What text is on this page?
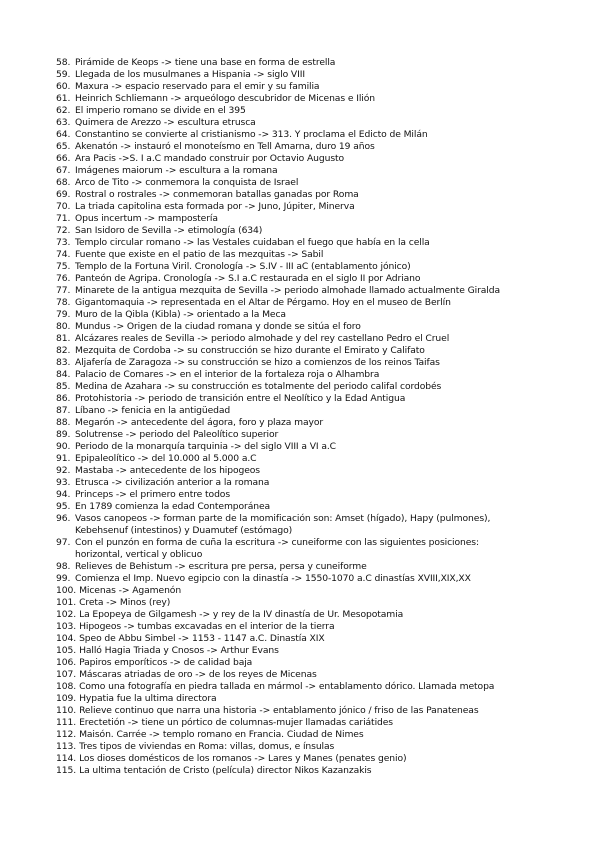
58. Pirámide de Keops -> tiene una base en forma de estrella
59. Llegada de los musulmanes a Hispania -> siglo VIII
60. Maxura -> espacio reservado para el emir y su familia
61. Heinrich Schliemann -> arqueólogo descubridor de Micenas e Ilión
62. El imperio romano se divide en el 395
63. Quimera de Arezzo -> escultura etrusca
64. Constantino se convierte al cristianismo -> 313. Y proclama el Edicto de Milán
65. Akenatón -> instauró el monoteísmo en Tell Amarna, duro 19 años
66. Ara Pacis ->S. I a.C mandado construir por Octavio Augusto
67. Imágenes maiorum -> escultura a la romana
68. Arco de Tito -> conmemora la conquista de Israel
69. Rostral o rostrales -> conmemoran batallas ganadas por Roma
70. La triada capitolina esta formada por -> Juno, Júpiter, Minerva
71. Opus incertum -> mampostería
72. San Isidoro de Sevilla -> etimología (634)
73. Templo circular romano -> las Vestales cuidaban el fuego que había en la cella
74. Fuente que existe en el patio de las mezquitas -> Sabil
75. Templo de la Fortuna Viril. Cronología -> S.IV - III aC (entablamento jónico)
76. Panteón de Agripa. Cronología -> S.I a.C restaurada en el siglo II por Adriano
77. Minarete de la antigua mezquita de Sevilla -> periodo almohade llamado actualmente Giralda
78. Gigantomaquia -> representada en el Altar de Pérgamo. Hoy en el museo de Berlín
79. Muro de la Qibla (Kibla) -> orientado a la Meca
80. Mundus -> Origen de la ciudad romana y donde se sitúa el foro
81. Alcázares reales de Sevilla -> periodo almohade y del rey castellano Pedro el Cruel
82. Mezquita de Cordoba -> su construcción se hizo durante el Emirato y Califato
83. Aljafería de Zaragoza -> su construcción se hizo a comienzos de los reinos Taifas
84. Palacio de Comares -> en el interior de la fortaleza roja o Alhambra
85. Medina de Azahara -> su construcción es totalmente del periodo califal cordobés
86. Protohistoria -> periodo de transición entre el Neolítico y la Edad Antigua
87. Líbano -> fenicia en la antigüedad
88. Megarón -> antecedente del ágora, foro y plaza mayor
89. Solutrense -> periodo del Paleolítico superior
90. Periodo de la monarquía tarquinia -> del siglo VIII a VI a.C
91. Epipaleolítico -> del 10.000 al 5.000 a.C
92. Mastaba -> antecedente de los hipogeos
93. Etrusca -> civilización anterior a la romana
94. Princeps -> el primero entre todos
95. En 1789 comienza la edad Contemporánea
96. Vasos canopeos -> forman parte de la momificación son: Amset (hígado), Hapy (pulmones),
Kebehsenuf (intestinos) y Duamutef (estómago)
97. Con el punzón en forma de cuña la escritura -> cuneiforme con las siguientes posiciones:
horizontal, vertical y oblicuo
98. Relieves de Behistum -> escritura pre persa, persa y cuneiforme
99. Comienza el Imp. Nuevo egipcio con la dinastía -> 1550-1070 a.C dinastías XVIII,XIX,XX
100. Micenas -> Agamenón
101. Creta -> Minos (rey)
102. La Epopeya de Gilgamesh -> y rey de la IV dinastía de Ur. Mesopotamia
103. Hipogeos -> tumbas excavadas en el interior de la tierra
104. Speo de Abbu Simbel -> 1153 - 1147 a.C. Dinastía XIX
105. Halló Hagia Triada y Cnosos -> Arthur Evans
106. Papiros emporíticos -> de calidad baja
107. Máscaras atriadas de oro -> de los reyes de Micenas
108. Como una fotografía en piedra tallada en mármol -> entablamento dórico. Llamada metopa
109. Hypatia fue la ultima directora
110. Relieve continuo que narra una historia -> entablamento jónico / friso de las Panateneas
111. Erectetión -> tiene un pórtico de columnas-mujer llamadas cariátides
112. Maisón. Carrée -> templo romano en Francia. Ciudad de Nimes
113. Tres tipos de viviendas en Roma: villas, domus, e ínsulas
114. Los dioses domésticos de los romanos -> Lares y Manes (penates genio)
115. La ultima tentación de Cristo (película) director Nikos Kazanzakis
